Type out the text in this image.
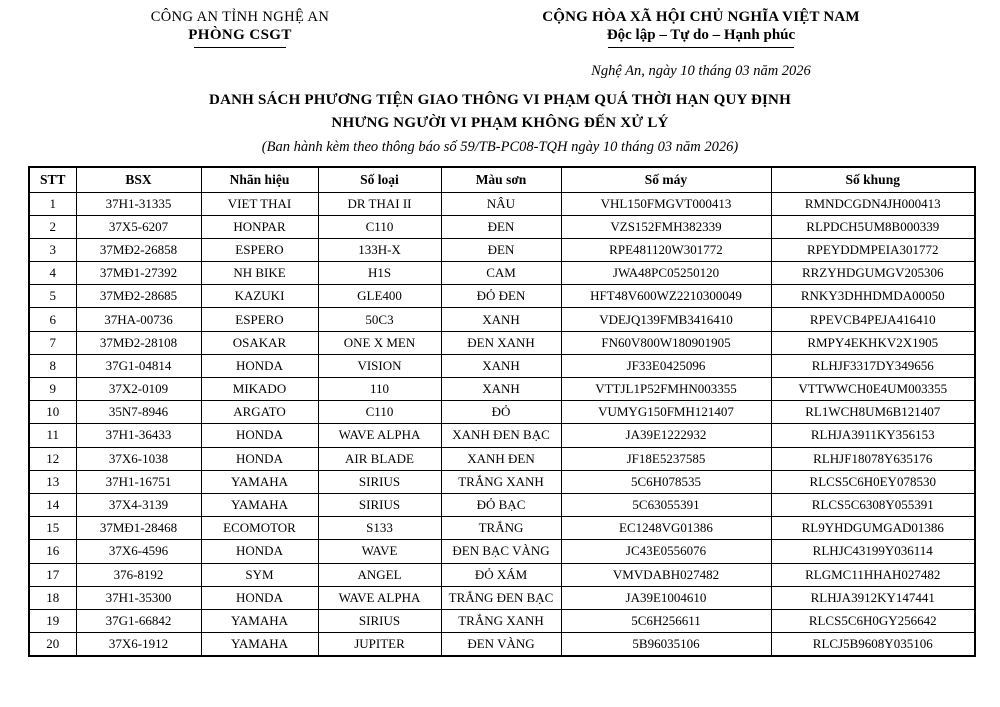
CÔNG AN TỈNH NGHỆ AN
PHÒNG CSGT
CỘNG HÒA XÃ HỘI CHỦ NGHĨA VIỆT NAM
Độc lập – Tự do – Hạnh phúc
Nghệ An, ngày 10 tháng 03 năm 2026
DANH SÁCH PHƯƠNG TIỆN GIAO THÔNG VI PHẠM QUÁ THỜI HẠN QUY ĐỊNH
NHƯNG NGƯỜI VI PHẠM KHÔNG ĐẾN XỬ LÝ
(Ban hành kèm theo thông báo số 59/TB-PC08-TQH ngày 10 tháng 03 năm 2026)
STT	BSX	Nhãn hiệu	Số loại	Màu sơn	Số máy	Số khung
1	37H1-31335	VIET THAI	DR THAI II	NÂU	VHL150FMGVT000413	RMNDCGDN4JH000413
2	37X5-6207	HONPAR	C110	ĐEN	VZS152FMH382339	RLPDCH5UM8B000339
3	37MĐ2-26858	ESPERO	133H-X	ĐEN	RPE481120W301772	RPEYDDMPEIA301772
4	37MĐ1-27392	NH BIKE	H1S	CAM	JWA48PC05250120	RRZYHDGUMGV205306
5	37MĐ2-28685	KAZUKI	GLE400	ĐỎ ĐEN	HFT48V600WZ2210300049	RNKY3DHHDMDA00050
6	37HA-00736	ESPERO	50C3	XANH	VDEJQ139FMB3416410	RPEVCB4PEJA416410
7	37MĐ2-28108	OSAKAR	ONE X MEN	ĐEN XANH	FN60V800W180901905	RMPY4EKHKV2X1905
8	37G1-04814	HONDA	VISION	XANH	JF33E0425096	RLHJF3317DY349656
9	37X2-0109	MIKADO	110	XANH	VTTJL1P52FMHN003355	VTTWWCH0E4UM003355
10	35N7-8946	ARGATO	C110	ĐỎ	VUMYG150FMH121407	RL1WCH8UM6B121407
11	37H1-36433	HONDA	WAVE ALPHA	XANH ĐEN BẠC	JA39E1222932	RLHJA3911KY356153
12	37X6-1038	HONDA	AIR BLADE	XANH ĐEN	JF18E5237585	RLHJF18078Y635176
13	37H1-16751	YAMAHA	SIRIUS	TRẮNG XANH	5C6H078535	RLCS5C6H0EY078530
14	37X4-3139	YAMAHA	SIRIUS	ĐỎ BẠC	5C63055391	RLCS5C6308Y055391
15	37MĐ1-28468	ECOMOTOR	S133	TRẮNG	EC1248VG01386	RL9YHDGUMGAD01386
16	37X6-4596	HONDA	WAVE	ĐEN BẠC VÀNG	JC43E0556076	RLHJC43199Y036114
17	376-8192	SYM	ANGEL	ĐỎ XÁM	VMVDABH027482	RLGMC11HHAH027482
18	37H1-35300	HONDA	WAVE ALPHA	TRẮNG ĐEN BẠC	JA39E1004610	RLHJA3912KY147441
19	37G1-66842	YAMAHA	SIRIUS	TRẮNG XANH	5C6H256611	RLCS5C6H0GY256642
20	37X6-1912	YAMAHA	JUPITER	ĐEN VÀNG	5B96035106	RLCJ5B9608Y035106
